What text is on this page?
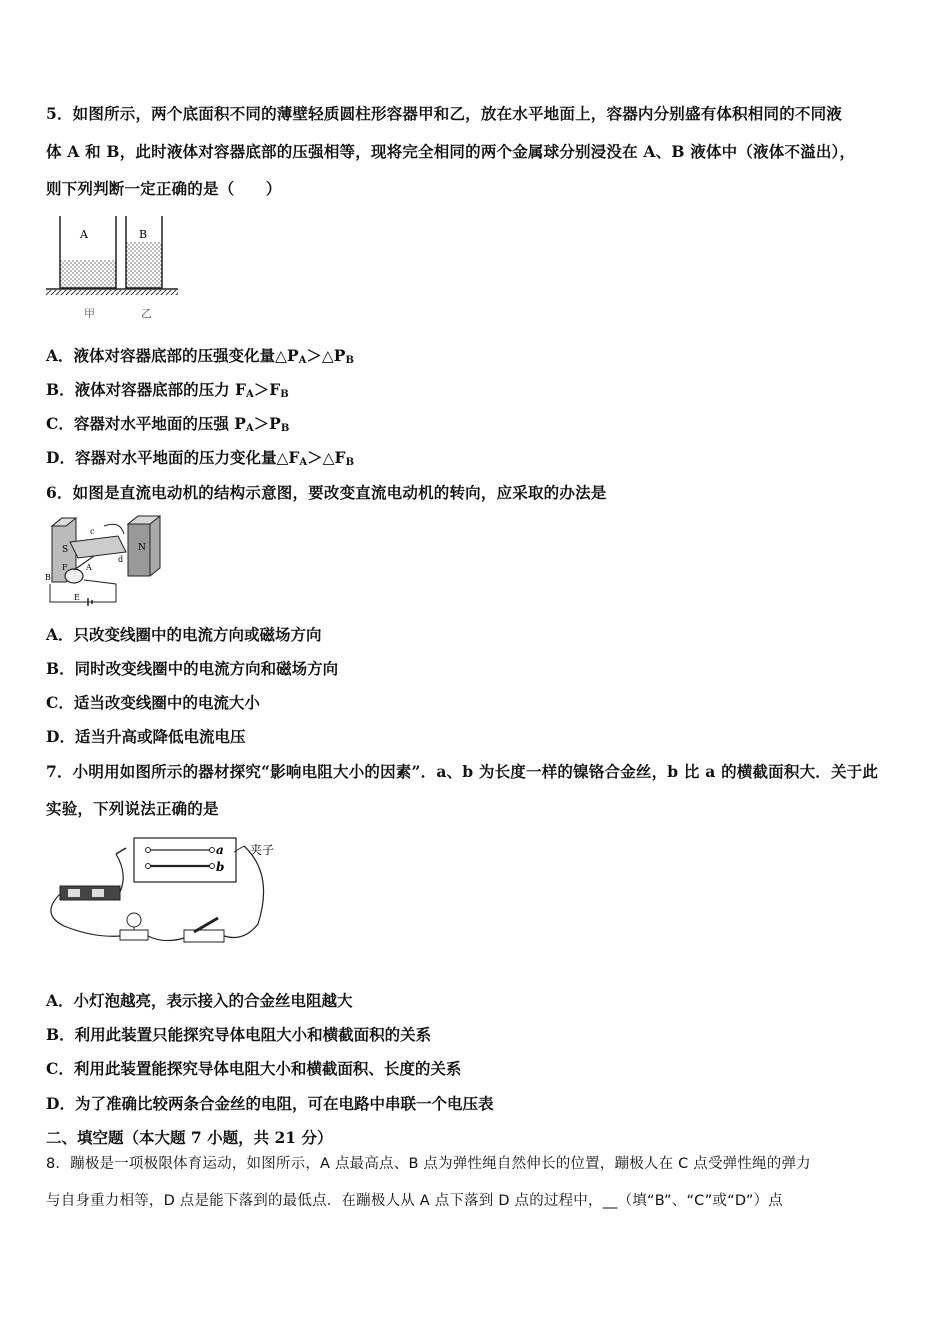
5．如图所示，两个底面积不同的薄壁轻质圆柱形容器甲和乙，放在水平地面上，容器内分别盛有体积相同的不同液
体 A 和 B，此时液体对容器底部的压强相等，现将完全相同的两个金属球分别浸没在 A、B 液体中（液体不溢出），
则下列判断一定正确的是（　　）
A	B
甲	乙
A．液体对容器底部的压强变化量$\triangle P_A>\triangle P_B$
B．液体对容器底部的压力 $F_A>F_B$
C．容器对水平地面的压强 $P_A>P_B$
D．容器对水平地面的压力变化量$\triangle F_A>\triangle F_B$
6．如图是直流电动机的结构示意图，要改变直流电动机的转向，应采取的办法是
S	N
B
F A
E
c
d
A．只改变线圈中的电流方向或磁场方向
B．同时改变线圈中的电流方向和磁场方向
C．适当改变线圈中的电流大小
D．适当升高或降低电流电压
7．小明用如图所示的器材探究“影响电阻大小的因素”．a、b 为长度一样的镍铬合金丝，b 比 a 的横截面积大．关于此
实验，下列说法正确的是
a
b
夹子
A．小灯泡越亮，表示接入的合金丝电阻越大
B．利用此装置只能探究导体电阻大小和横截面积的关系
C．利用此装置能探究导体电阻大小和横截面积、长度的关系
D．为了准确比较两条合金丝的电阻，可在电路中串联一个电压表
二、填空题（本大题 7 小题，共 21 分）
8．蹦极是一项极限体育运动，如图所示，A 点最高点、B 点为弹性绳自然伸长的位置，蹦极人在 C 点受弹性绳的弹力
与自身重力相等，D 点是能下落到的最低点．在蹦极人从 A 点下落到 D 点的过程中，__（填“B”、“C”或“D”）点
